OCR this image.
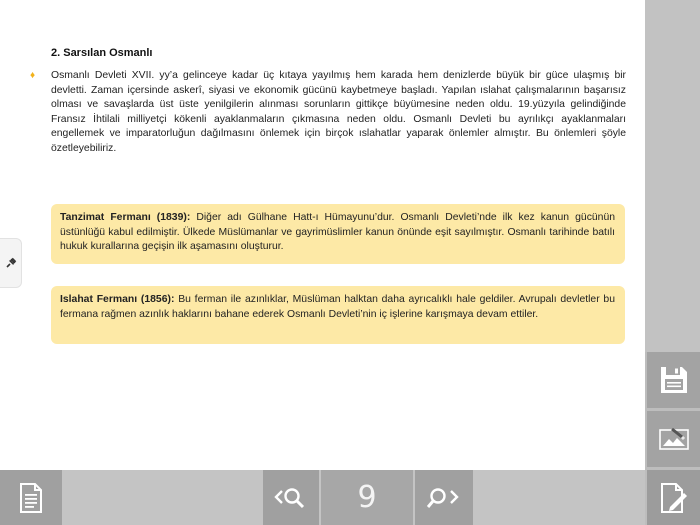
2. Sarsılan Osmanlı
♦ Osmanlı Devleti XVII. yy’a gelinceye kadar üç kıtaya yayılmış hem karada hem denizlerde büyük bir güce ulaşmış bir devletti. Zaman içersinde askerî, siyasi ve ekonomik gücünü kaybetmeye başladı. Yapılan ıslahat çalışmalarının başarısız olması ve savaşlarda üst üste yenilgilerin alınması sorunların gittikçe büyümesine neden oldu. 19.yüzyıla gelindiğinde Fransız İhtilali milliyetçi kökenli ayaklanmaların çıkmasına neden oldu. Osmanlı Devleti bu ayrılıkçı ayaklanmaları engellemek ve imparatorluğun dağılmasını önlemek için birçok ıslahatlar yaparak önlemler almıştır. Bu önlemleri şöyle özetleyebiliriz.

Tanzimat Fermanı (1839): Diğer adı Gülhane Hatt-ı Hümayunu’dur. Osmanlı Devleti’nde ilk kez kanun gücünün üstünlüğü kabul edilmiştir. Ülkede Müslümanlar ve gayrimüslimler kanun önünde eşit sayılmıştır. Osmanlı tarihinde batılı hukuk kurallarına geçişin ilk aşamasını oluşturur.
Islahat Fermanı (1856): Bu ferman ile azınlıklar, Müslüman halktan daha ayrıcalıklı hale geldiler. Avrupalı devletler bu fermana rağmen azınlık haklarını bahane ederek Osmanlı Devleti’nin iç işlerine karışmaya devam ettiler.
9
